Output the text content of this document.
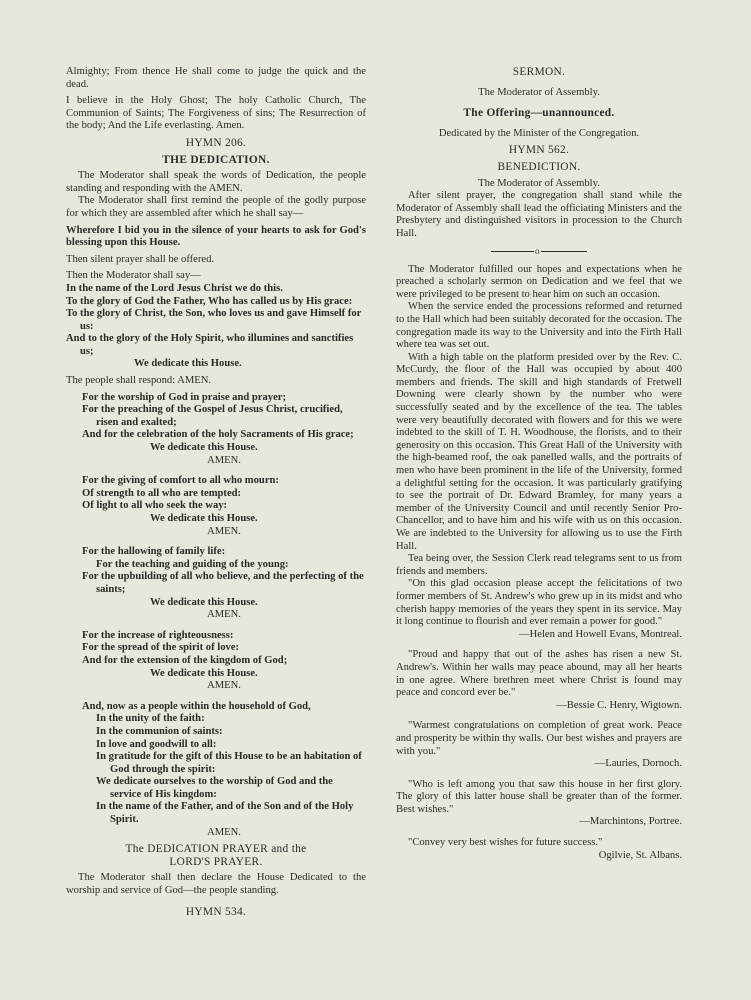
Almighty; From thence He shall come to judge the quick and the dead.

I believe in the Holy Ghost; The holy Catholic Church, The Communion of Saints; The Forgiveness of sins; The Resurrection of the body; And the Life everlasting. Amen.

HYMN 206.

THE DEDICATION.

The Moderator shall speak the words of Dedication, the people standing and responding with the AMEN.

The Moderator shall first remind the people of the godly purpose for which they are assembled after which he shall say—

Wherefore I bid you in the silence of your hearts to ask for God's blessing upon this House.

Then silent prayer shall be offered.

Then the Moderator shall say—

In the name of the Lord Jesus Christ we do this.

To the glory of God the Father, Who has called us by His grace:

To the glory of Christ, the Son, who loves us and gave Himself for us:

And to the glory of the Holy Spirit, who illumines and sanctifies us;

We dedicate this House.

The people shall respond: AMEN.

For the worship of God in praise and prayer;

For the preaching of the Gospel of Jesus Christ, crucified, risen and exalted;

And for the celebration of the holy Sacraments of His grace;

We dedicate this House.

AMEN.

For the giving of comfort to all who mourn:

Of strength to all who are tempted:

Of light to all who seek the way:

We dedicate this House.

AMEN.

For the hallowing of family life:

For the teaching and guiding of the young:

For the upbuilding of all who believe, and the perfecting of the saints;

We dedicate this House.

AMEN.

For the increase of righteousness:

For the spread of the spirit of love:

And for the extension of the kingdom of God;

We dedicate this House.

AMEN.

And, now as a people within the household of God,

In the unity of the faith:

In the communion of saints:

In love and goodwill to all:

In gratitude for the gift of this House to be an habitation of God through the spirit:

We dedicate ourselves to the worship of God and the service of His kingdom:

In the name of the Father, and of the Son and of the Holy Spirit.

AMEN.

The DEDICATION PRAYER and the

LORD'S PRAYER.

The Moderator shall then declare the House Dedicated to the worship and service of God—the people standing.

HYMN 534.

SERMON.

The Moderator of Assembly.

The Offering—unannounced.

Dedicated by the Minister of the Congregation.

HYMN 562.

BENEDICTION.

The Moderator of Assembly.

After silent prayer, the congregation shall stand while the Moderator of Assembly shall lead the officiating Ministers and the Presbytery and distinguished visitors in procession to the Church Hall.

o

The Moderator fulfilled our hopes and expectations when he preached a scholarly sermon on Dedication and we feel that we were privileged to be present to hear him on such an occasion.

When the service ended the processions reformed and returned to the Hall which had been suitably decorated for the occasion. The congregation made its way to the University and into the Firth Hall where tea was set out.

With a high table on the platform presided over by the Rev. C. McCurdy, the floor of the Hall was occupied by about 400 members and friends. The skill and high standards of Fretwell Downing were clearly shown by the number who were successfully seated and by the excellence of the tea. The tables were very beautifully decorated with flowers and for this we were indebted to the skill of T. H. Woodhouse, the florists, and to their generosity on this occasion. This Great Hall of the University with the high-beamed roof, the oak panelled walls, and the portraits of men who have been prominent in the life of the University, formed a delightful setting for the occasion. It was particularly gratifying to see the portrait of Dr. Edward Bramley, for many years a member of the University Council and until recently Senior Pro-Chancellor, and to have him and his wife with us on this occasion. We are indebted to the University for allowing us to use the Firth Hall.

Tea being over, the Session Clerk read telegrams sent to us from friends and members.

"On this glad occasion please accept the felicitations of two former members of St. Andrew's who grew up in its midst and who cherish happy memories of the years they spent in its service. May it long continue to flourish and ever remain a power for good."

—Helen and Howell Evans, Montreal.

"Proud and happy that out of the ashes has risen a new St. Andrew's. Within her walls may peace abound, may all her hearts in one agree. Where brethren meet where Christ is found may peace and concord ever be."

—Bessie C. Henry, Wigtown.

"Warmest congratulations on completion of great work. Peace and prosperity be within thy walls. Our best wishes and prayers are with you."

—Lauries, Dornoch.

"Who is left among you that saw this house in her first glory. The glory of this latter house shall be greater than of the former. Best wishes."

—Marchintons, Portree.

"Convey very best wishes for future success."

Ogilvie, St. Albans.
